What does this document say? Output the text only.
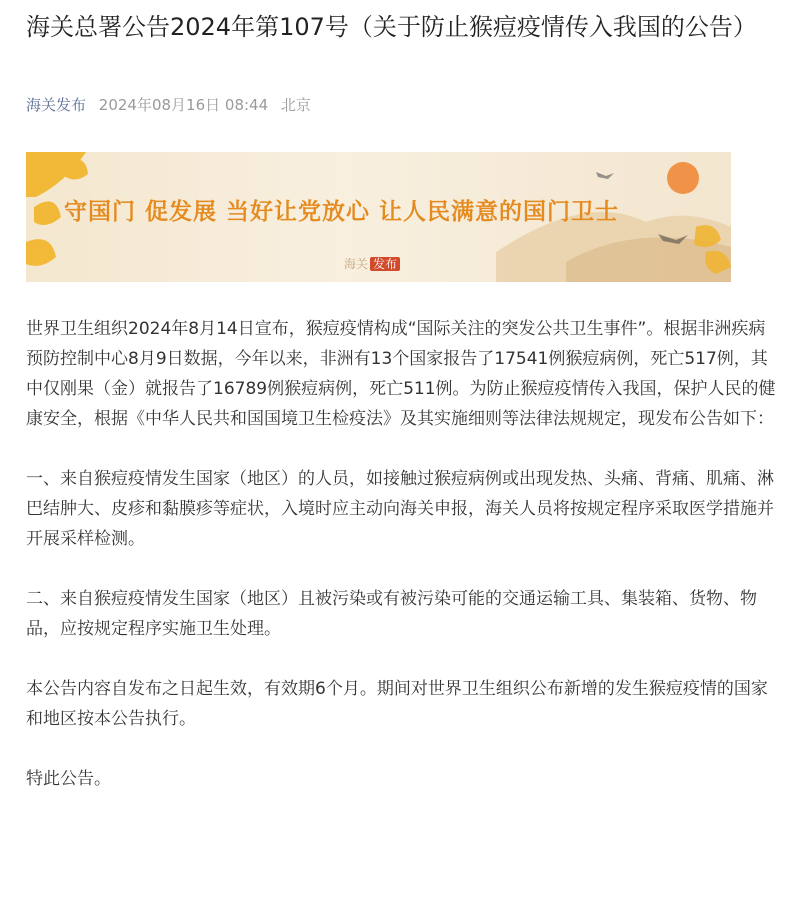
海关总署公告2024年第107号（关于防止猴痘疫情传入我国的公告）
海关发布 2024年08月16日 08:44 北京
守国门 促发展 当好让党放心 让人民满意的国门卫士
海关 发布

世界卫生组织2024年8月14日宣布，猴痘疫情构成“国际关注的突发公共卫生事件”。根据非洲疾病预防控制中心8月9日数据，今年以来，非洲有13个国家报告了17541例猴痘病例，死亡517例，其中仅刚果（金）就报告了16789例猴痘病例，死亡511例。为防止猴痘疫情传入我国，保护人民的健康安全，根据《中华人民共和国国境卫生检疫法》及其实施细则等法律法规规定，现发布公告如下：

一、来自猴痘疫情发生国家（地区）的人员，如接触过猴痘病例或出现发热、头痛、背痛、肌痛、淋巴结肿大、皮疹和黏膜疹等症状，入境时应主动向海关申报，海关人员将按规定程序采取医学措施并开展采样检测。

二、来自猴痘疫情发生国家（地区）且被污染或有被污染可能的交通运输工具、集装箱、货物、物品，应按规定程序实施卫生处理。

本公告内容自发布之日起生效，有效期6个月。期间对世界卫生组织公布新增的发生猴痘疫情的国家和地区按本公告执行。

特此公告。
